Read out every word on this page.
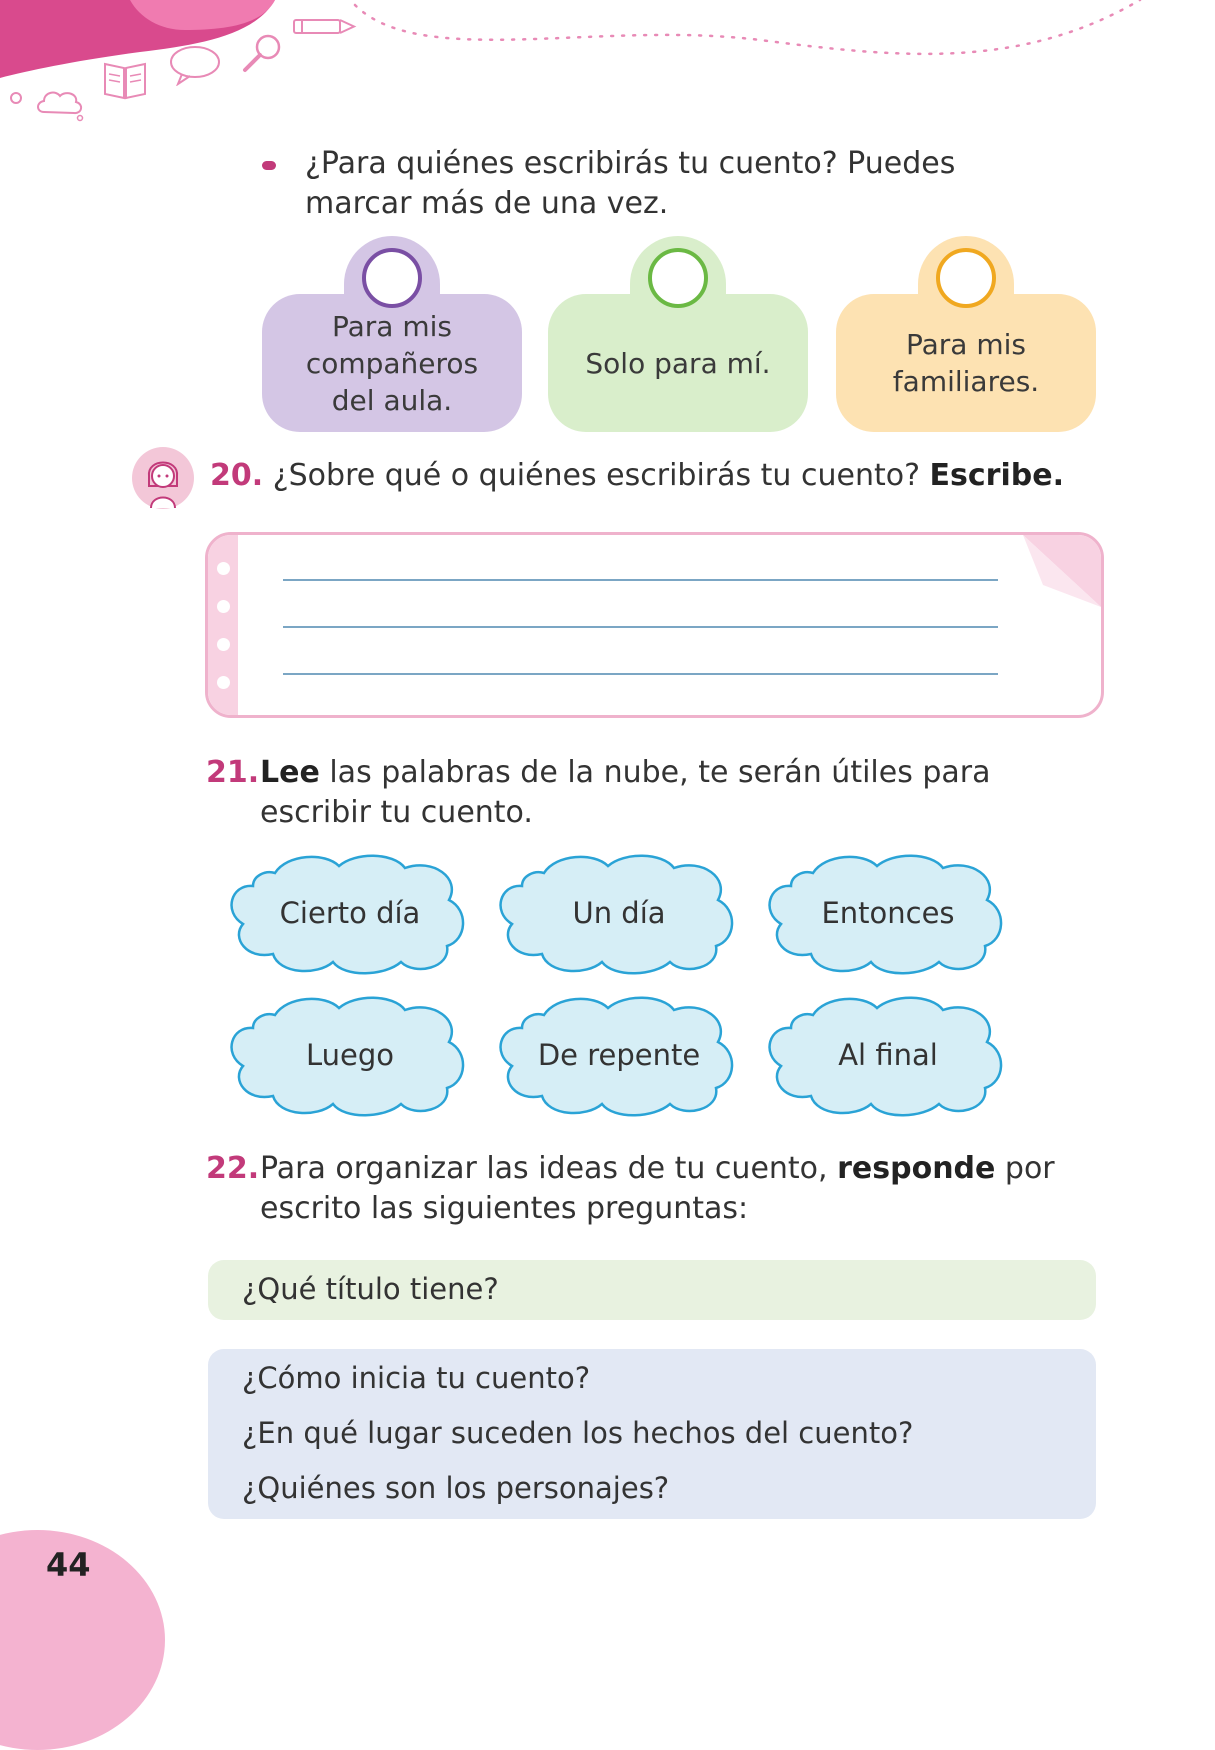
¿Para quiénes escribirás tu cuento? Puedes marcar más de una vez.
Para mis compañeros del aula.
Solo para mí.
Para mis familiares.
20. ¿Sobre qué o quiénes escribirás tu cuento? Escribe.
21. Lee las palabras de la nube, te serán útiles para escribir tu cuento.
Cierto día	Un día	Entonces
Luego	De repente	Al final
22. Para organizar las ideas de tu cuento, responde por escrito las siguientes preguntas:
¿Qué título tiene?
¿Cómo inicia tu cuento?
¿En qué lugar suceden los hechos del cuento?
¿Quiénes son los personajes?
44
